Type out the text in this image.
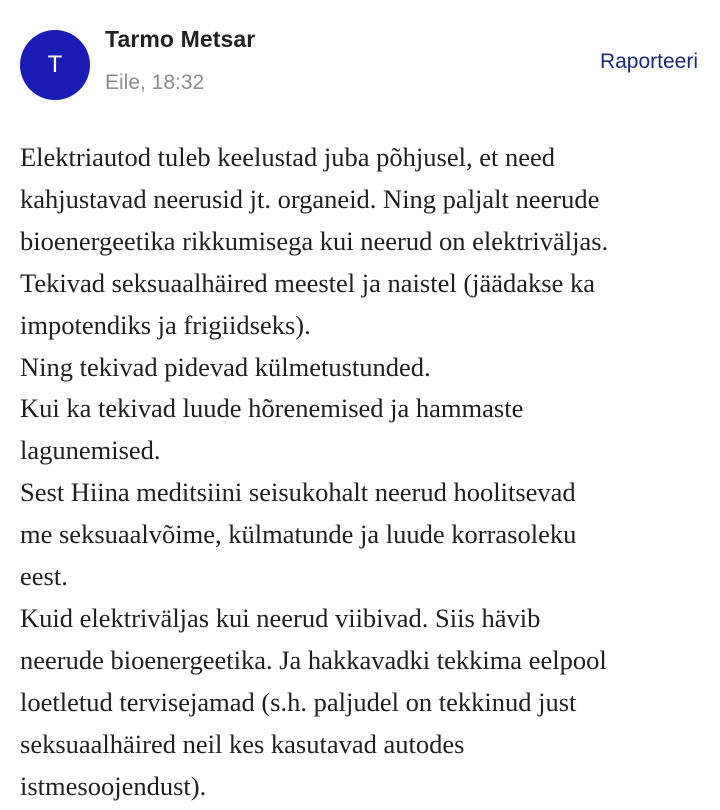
T
Tarmo Metsar
Eile, 18:32
Raporteeri
Elektriautod tuleb keelustad juba põhjusel, et need
kahjustavad neerusid jt. organeid. Ning paljalt neerude
bioenergeetika rikkumisega kui neerud on elektriväljas.
Tekivad seksuaalhäired meestel ja naistel (jäädakse ka
impotendiks ja frigiidseks).
Ning tekivad pidevad külmetustunded.
Kui ka tekivad luude hõrenemised ja hammaste
lagunemised.
Sest Hiina meditsiini seisukohalt neerud hoolitsevad
me seksuaalvõime, külmatunde ja luude korrasoleku
eest.
Kuid elektriväljas kui neerud viibivad. Siis hävib
neerude bioenergeetika. Ja hakkavadki tekkima eelpool
loetletud tervisejamad (s.h. paljudel on tekkinud just
seksuaalhäired neil kes kasutavad autodes
istmesoojendust).
